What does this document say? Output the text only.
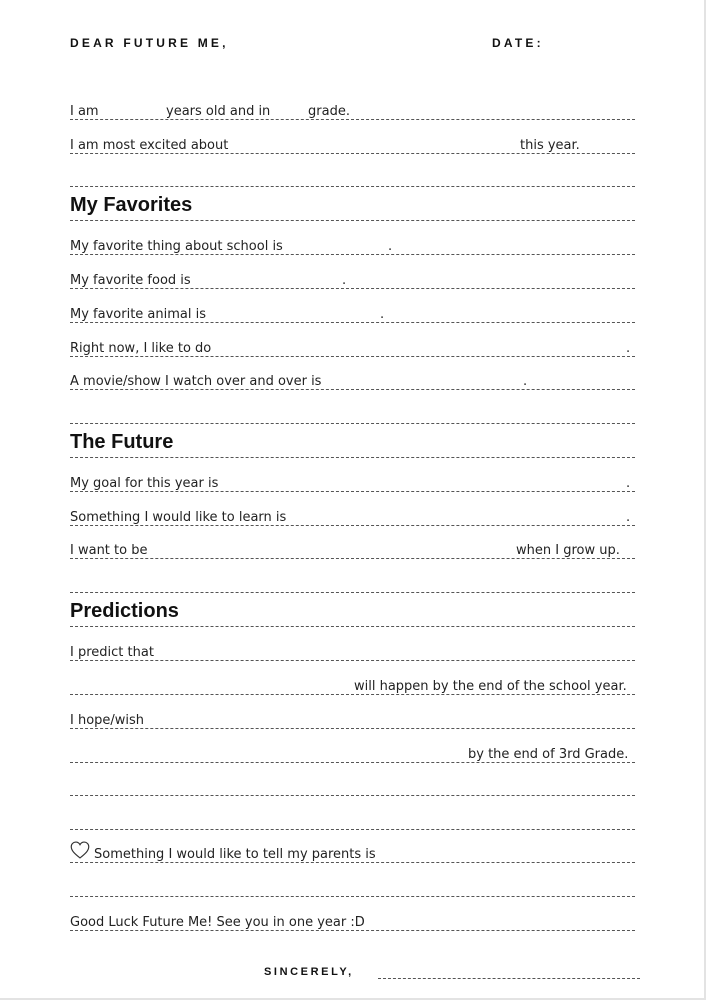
DEAR FUTURE ME,	DATE:
I am	years old and in	grade.
I am most excited about	this year.
My Favorites
My favorite thing about school is	.
My favorite food is	.
My favorite animal is	.
Right now, I like to do	.
A movie/show I watch over and over is	.
The Future
My goal for this year is	.
Something I would like to learn is	.
I want to be	when I grow up.
Predictions
I predict that
will happen by the end of the school year.
I hope/wish
by the end of 3rd Grade.
Something I would like to tell my parents is
Good Luck Future Me! See you in one year :D
SINCERELY,
